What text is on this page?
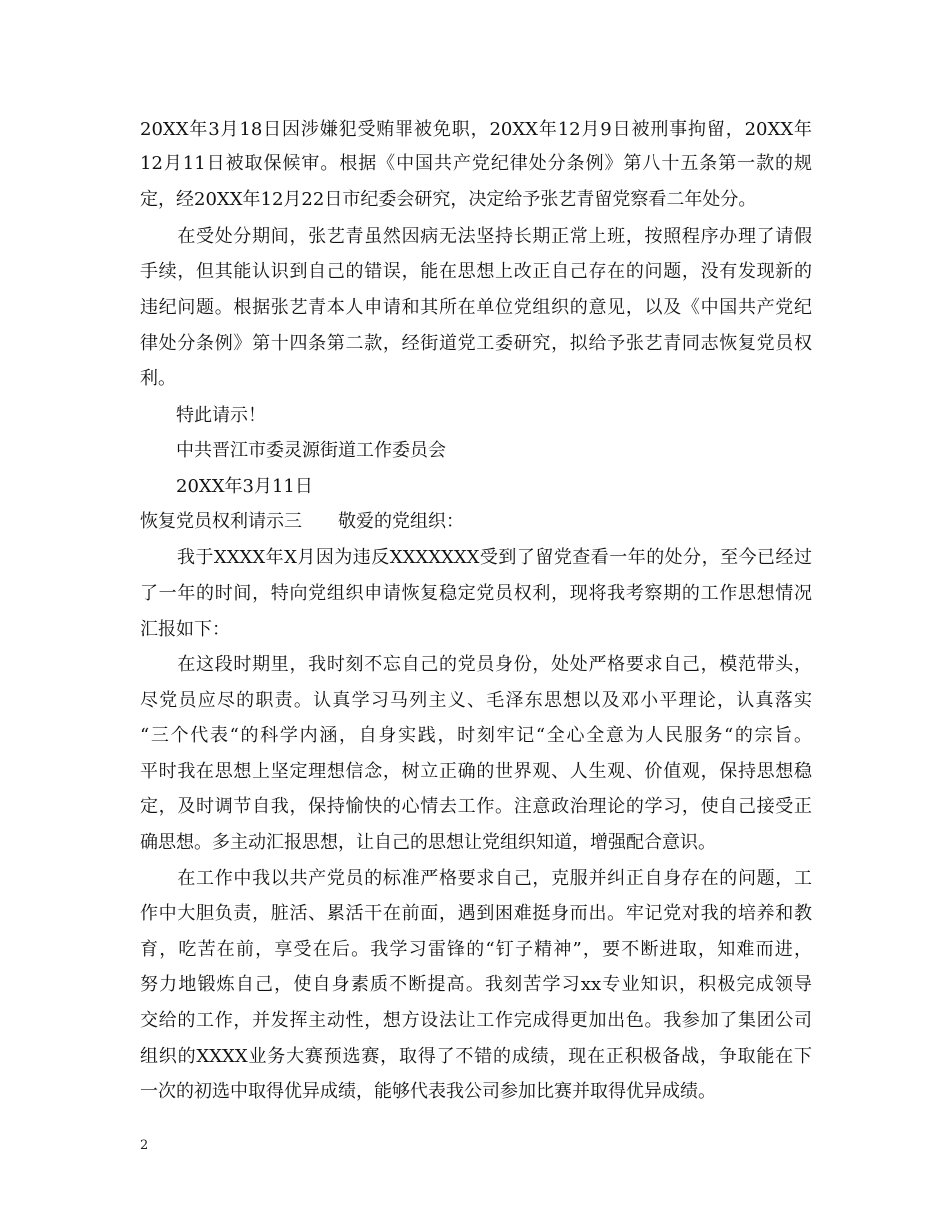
20XX年3月18日因涉嫌犯受贿罪被免职，20XX年12月9日被刑事拘留，20XX年
12月11日被取保候审。根据《中国共产党纪律处分条例》第八十五条第一款的规
定，经20XX年12月22日市纪委会研究，决定给予张艺青留党察看二年处分。
　　在受处分期间，张艺青虽然因病无法坚持长期正常上班，按照程序办理了请假
手续，但其能认识到自己的错误，能在思想上改正自己存在的问题，没有发现新的
违纪问题。根据张艺青本人申请和其所在单位党组织的意见，以及《中国共产党纪
律处分条例》第十四条第二款，经街道党工委研究，拟给予张艺青同志恢复党员权
利。
　　特此请示！
　　中共晋江市委灵源街道工作委员会
　　20XX年3月11日
恢复党员权利请示三　　敬爱的党组织：
　　我于XXXX年X月因为违反XXXXXXX受到了留党查看一年的处分，至今已经过
了一年的时间，特向党组织申请恢复稳定党员权利，现将我考察期的工作思想情况
汇报如下：
　　在这段时期里，我时刻不忘自己的党员身份，处处严格要求自己，模范带头，
尽党员应尽的职责。认真学习马列主义、毛泽东思想以及邓小平理论，认真落实
“三个代表“的科学内涵，自身实践，时刻牢记“全心全意为人民服务“的宗旨。
平时我在思想上坚定理想信念，树立正确的世界观、人生观、价值观，保持思想稳
定，及时调节自我，保持愉快的心情去工作。注意政治理论的学习，使自己接受正
确思想。多主动汇报思想，让自己的思想让党组织知道，增强配合意识。
　　在工作中我以共产党员的标准严格要求自己，克服并纠正自身存在的问题，工
作中大胆负责，脏活、累活干在前面，遇到困难挺身而出。牢记党对我的培养和教
育，吃苦在前，享受在后。我学习雷锋的“钉子精神”，要不断进取，知难而进，
努力地锻炼自己，使自身素质不断提高。我刻苦学习xx专业知识，积极完成领导
交给的工作，并发挥主动性，想方设法让工作完成得更加出色。我参加了集团公司
组织的XXXX业务大赛预选赛，取得了不错的成绩，现在正积极备战，争取能在下
一次的初选中取得优异成绩，能够代表我公司参加比赛并取得优异成绩。
2
